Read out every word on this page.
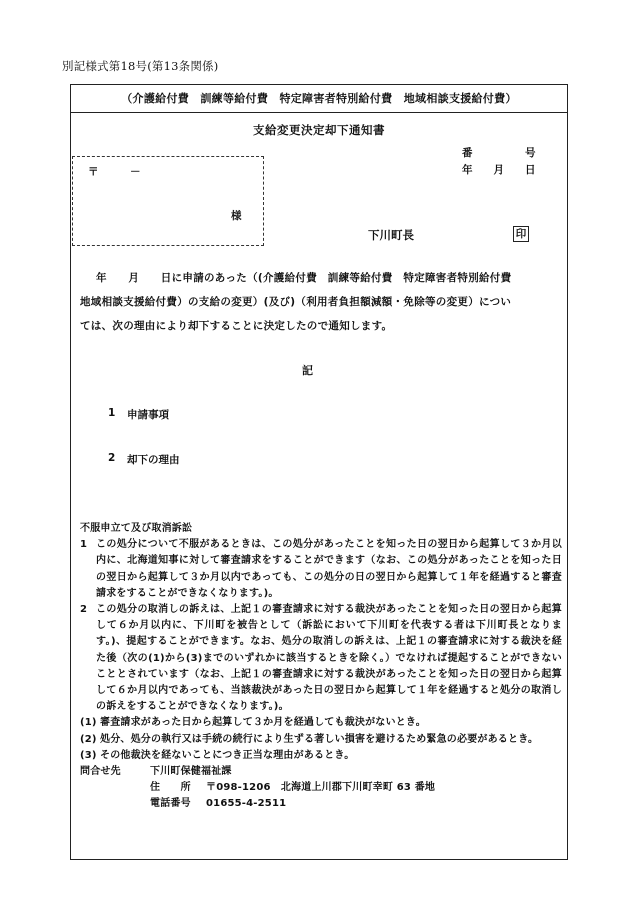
別記様式第18号(第13条関係)
（介護給付費　訓練等給付費　特定障害者特別給付費　地域相談支援給付費）
支給変更決定却下通知書
番　　　　　号
年　　月　　日
〒　　　－
様
下川町長	印
年　　月　　日に申請のあった（(介護給付費　訓練等給付費　特定障害者特別給付費
地域相談支援給付費）の支給の変更）(及び)（利用者負担額減額・免除等の変更）につい
ては、次の理由により却下することに決定したので通知します。
記
1 申請事項
2 却下の理由
不服申立て及び取消訴訟
1 この処分について不服があるときは、この処分があったことを知った日の翌日から起算して３か月以内に、北海道知事に対して審査請求をすることができます（なお、この処分があったことを知った日の翌日から起算して３か月以内であっても、この処分の日の翌日から起算して１年を経過すると審査請求をすることができなくなります。)。
2 この処分の取消しの訴えは、上記１の審査請求に対する裁決があったことを知った日の翌日から起算して６か月以内に、下川町を被告として（訴訟において下川町を代表する者は下川町長となります。)、提起することができます。なお、処分の取消しの訴えは、上記１の審査請求に対する裁決を経た後（次の(1)から(3)までのいずれかに該当するときを除く。）でなければ提起することができないこととされています（なお、上記１の審査請求に対する裁決があったことを知った日の翌日から起算して６か月以内であっても、当該裁決があった日の翌日から起算して１年を経過すると処分の取消しの訴えをすることができなくなります。)。
(1) 審査請求があった日から起算して３か月を経過しても裁決がないとき。
(2) 処分、処分の執行又は手続の続行により生ずる著しい損害を避けるため緊急の必要があるとき。
(3) その他裁決を経ないことにつき正当な理由があるとき。
問合せ先	下川町保健福祉課
住　　所 〒098-1206　北海道上川郡下川町幸町 63 番地
電話番号 01655-4-2511
